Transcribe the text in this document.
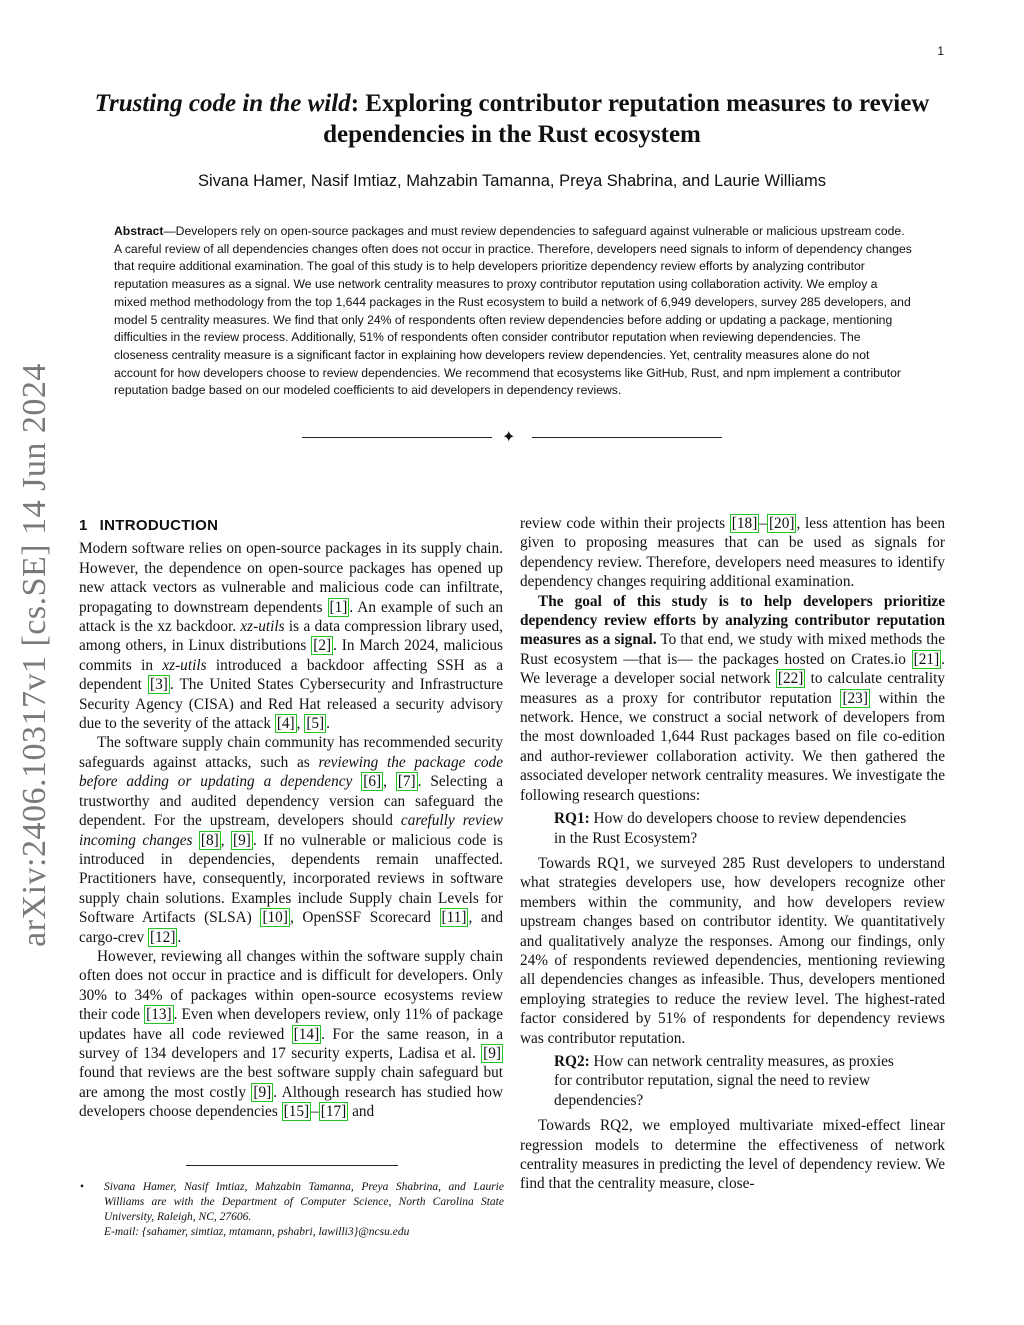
1
arXiv:2406.10317v1 [cs.SE] 14 Jun 2024
Trusting code in the wild: Exploring contributor reputation measures to review
dependencies in the Rust ecosystem
Sivana Hamer, Nasif Imtiaz, Mahzabin Tamanna, Preya Shabrina, and Laurie Williams
Abstract—Developers rely on open-source packages and must review dependencies to safeguard against vulnerable or malicious upstream code. A careful review of all dependencies changes often does not occur in practice. Therefore, developers need signals to inform of dependency changes that require additional examination. The goal of this study is to help developers prioritize dependency review efforts by analyzing contributor reputation measures as a signal. We use network centrality measures to proxy contributor reputation using collaboration activity. We employ a mixed method methodology from the top 1,644 packages in the Rust ecosystem to build a network of 6,949 developers, survey 285 developers, and model 5 centrality measures. We find that only 24% of respondents often review dependencies before adding or updating a package, mentioning difficulties in the review process. Additionally, 51% of respondents often consider contributor reputation when reviewing dependencies. The closeness centrality measure is a significant factor in explaining how developers review dependencies. Yet, centrality measures alone do not account for how developers choose to review dependencies. We recommend that ecosystems like GitHub, Rust, and npm implement a contributor reputation badge based on our modeled coefficients to aid developers in dependency reviews.
✦
1 INTRODUCTION

Modern software relies on open-source packages in its supply chain. However, the dependence on open-source packages has opened up new attack vectors as vulnerable and malicious code can infiltrate, propagating to downstream dependents [1] . An example of such an attack is the xz backdoor. xz-utils is a data compression library used, among others, in Linux distributions [2] . In March 2024, malicious commits in xz-utils introduced a backdoor affecting SSH as a dependent [3] . The United States Cybersecurity and Infrastructure Security Agency (CISA) and Red Hat released a security advisory due to the severity of the attack [4] , [5] .

The software supply chain community has recommended security safeguards against attacks, such as reviewing the package code before adding or updating a dependency [6] , [7] . Selecting a trustworthy and audited dependency version can safeguard the dependent. For the upstream, developers should carefully review incoming changes [8] , [9] . If no vulnerable or malicious code is introduced in dependencies, dependents remain unaffected. Practitioners have, consequently, incorporated reviews in software supply chain solutions. Examples include Supply chain Levels for Software Artifacts (SLSA) [10] , OpenSSF Scorecard [11] , and cargo-crev [12] .

However, reviewing all changes within the software supply chain often does not occur in practice and is difficult for developers. Only 30% to 34% of packages within open-source ecosystems review their code [13] . Even when developers review, only 11% of package updates have all code reviewed [14] . For the same reason, in a survey of 134 developers and 17 security experts, Ladisa et al. [9] found that reviews are the best software supply chain safeguard but are among the most costly [9] . Although research has studied how developers choose dependencies [15] – [17] and

• Sivana Hamer, Nasif Imtiaz, Mahzabin Tamanna, Preya Shabrina, and Laurie Williams are with the Department of Computer Science, North Carolina State University, Raleigh, NC, 27606.
E-mail: {sahamer, simtiaz, mtamann, pshabri, lawilli3}@ncsu.edu

review code within their projects [18] – [20] , less attention has been given to proposing measures that can be used as signals for dependency review. Therefore, developers need measures to identify dependency changes requiring additional examination.

The goal of this study is to help developers prioritize dependency review efforts by analyzing contributor reputation measures as a signal. To that end, we study with mixed methods the Rust ecosystem —that is— the packages hosted on Crates.io [21] . We leverage a developer social network [22] to calculate centrality measures as a proxy for contributor reputation [23] within the network. Hence, we construct a social network of developers from the most downloaded 1,644 Rust packages based on file co-edition and author-reviewer collaboration activity. We then gathered the associated developer network centrality measures. We investigate the following research questions:

RQ1: How do developers choose to review dependencies in the Rust Ecosystem?

Towards RQ1, we surveyed 285 Rust developers to understand what strategies developers use, how developers recognize other members within the community, and how developers review upstream changes based on contributor identity. We quantitatively and qualitatively analyze the responses. Among our findings, only 24% of respondents reviewed dependencies, mentioning reviewing all dependencies changes as infeasible. Thus, developers mentioned employing strategies to reduce the review level. The highest-rated factor considered by 51% of respondents for dependency reviews was contributor reputation.

RQ2: How can network centrality measures, as proxies for contributor reputation, signal the need to review dependencies?

Towards RQ2, we employed multivariate mixed-effect linear regression models to determine the effectiveness of network centrality measures in predicting the level of dependency review. We find that the centrality measure, close-
